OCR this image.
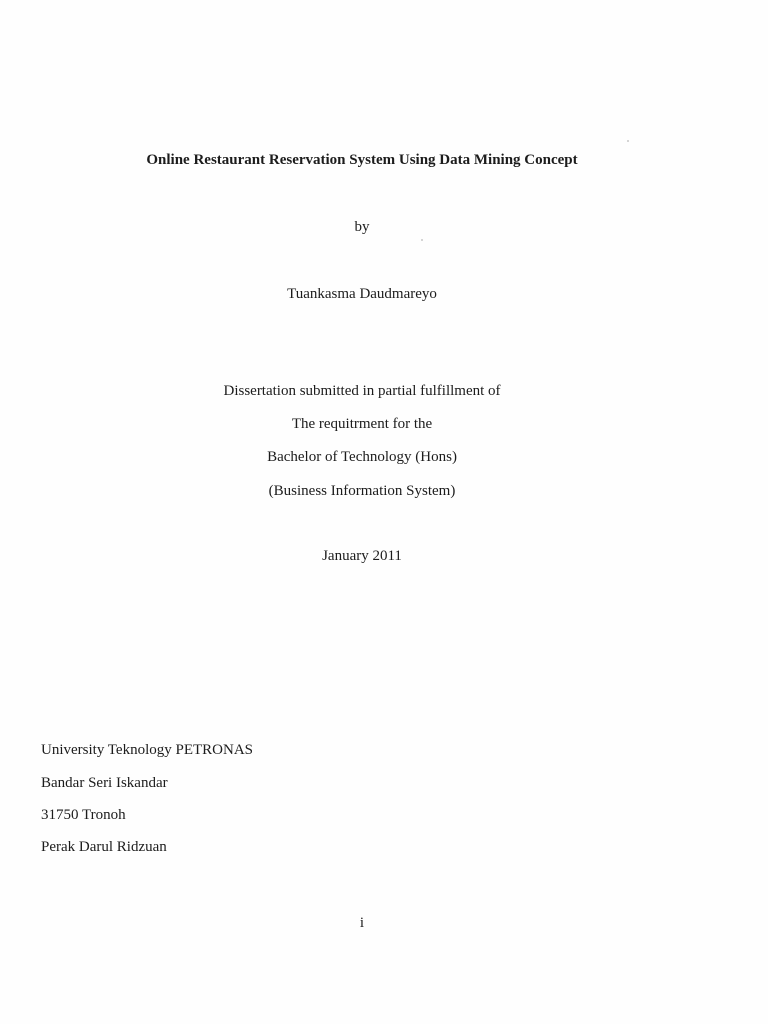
Online Restaurant Reservation System Using Data Mining Concept
by
Tuankasma Daudmareyo
Dissertation submitted in partial fulfillment of
The requitrment for the
Bachelor of Technology (Hons)
(Business Information System)
January 2011
University Teknology PETRONAS
Bandar Seri Iskandar
31750 Tronoh
Perak Darul Ridzuan
i
